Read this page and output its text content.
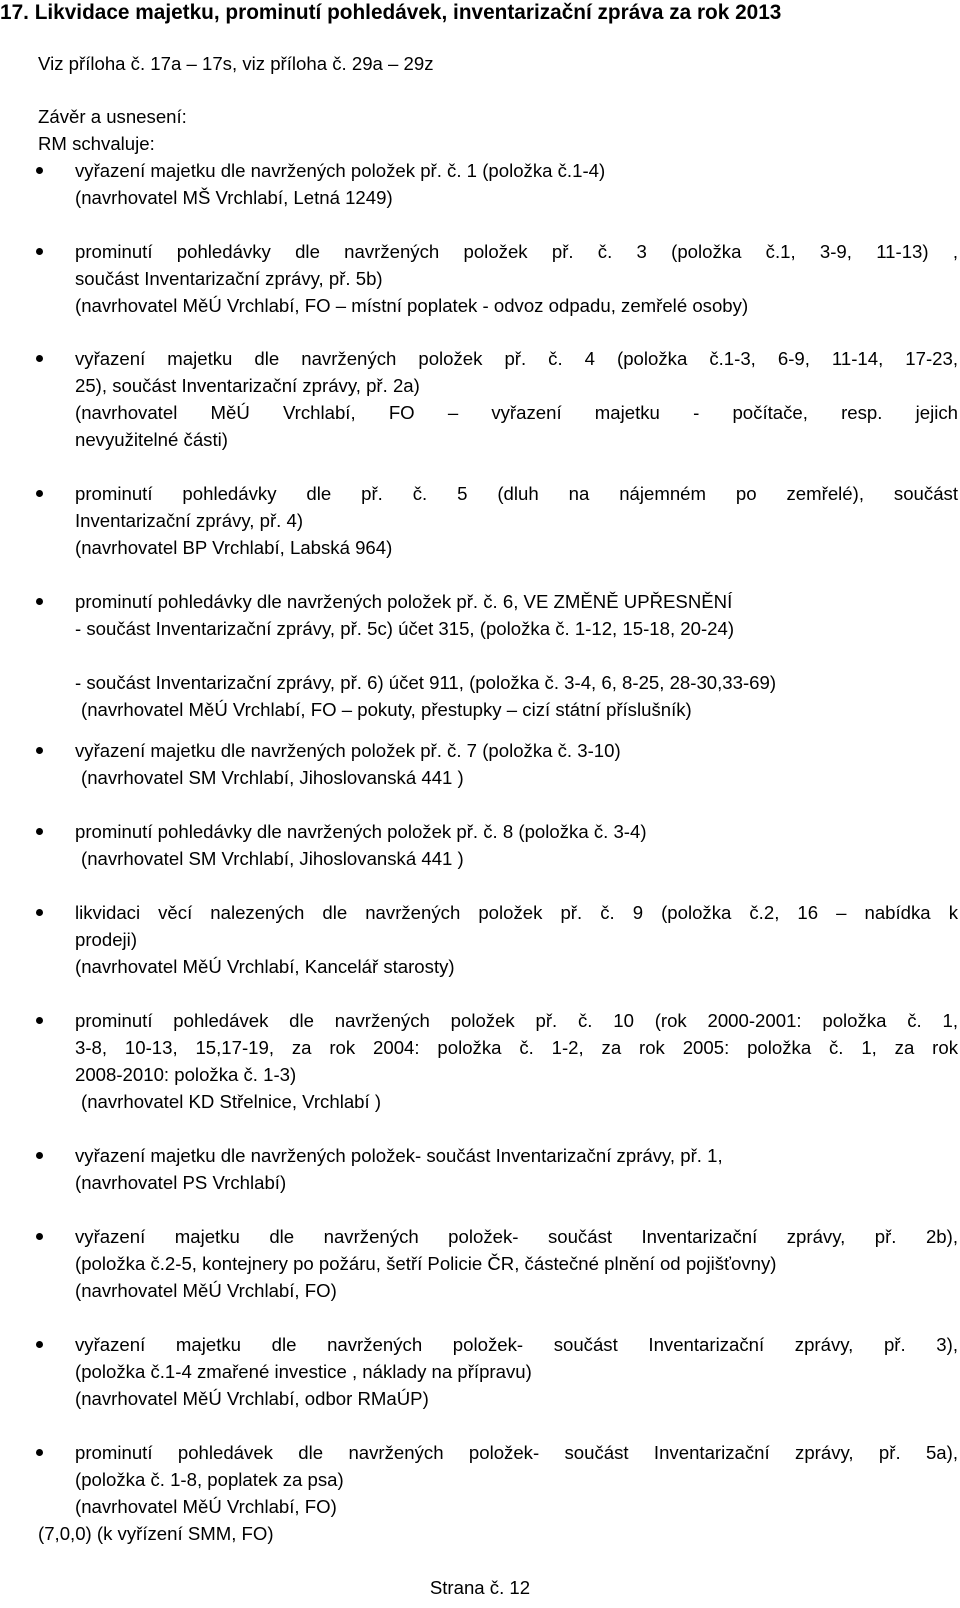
17. Likvidace majetku, prominutí pohledávek, inventarizační zpráva za rok 2013
Viz příloha č. 17a – 17s, viz příloha č. 29a – 29z
Závěr a usnesení:
RM schvaluje:
vyřazení majetku dle navržených položek př. č. 1 (položka č.1-4)
(navrhovatel MŠ Vrchlabí, Letná 1249)
prominutí pohledávky dle navržených položek př. č. 3 (položka č.1, 3-9, 11-13) ,
součást Inventarizační zprávy, př. 5b)
(navrhovatel MěÚ Vrchlabí, FO – místní poplatek - odvoz odpadu, zemřelé osoby)
vyřazení majetku dle navržených položek př. č. 4 (položka č.1-3, 6-9, 11-14, 17-23,
25), součást Inventarizační zprávy, př. 2a)
(navrhovatel MěÚ Vrchlabí, FO – vyřazení majetku - počítače, resp. jejich
nevyužitelné části)
prominutí pohledávky dle př. č. 5 (dluh na nájemném po zemřelé), součást
Inventarizační zprávy, př. 4)
(navrhovatel BP Vrchlabí, Labská 964)
prominutí pohledávky dle navržených položek př. č. 6, VE ZMĚNĚ UPŘESNĚNÍ
- součást Inventarizační zprávy, př. 5c) účet 315, (položka č. 1-12, 15-18, 20-24)

- součást Inventarizační zprávy, př. 6) účet 911, (položka č. 3-4, 6, 8-25, 28-30,33-69)
(navrhovatel MěÚ Vrchlabí, FO – pokuty, přestupky – cizí státní příslušník)
vyřazení majetku dle navržených položek př. č. 7 (položka č. 3-10)
(navrhovatel SM Vrchlabí, Jihoslovanská 441 )
prominutí pohledávky dle navržených položek př. č. 8 (položka č. 3-4)
(navrhovatel SM Vrchlabí, Jihoslovanská 441 )
likvidaci věcí nalezených dle navržených položek př. č. 9 (položka č.2, 16 – nabídka k
prodeji)
(navrhovatel MěÚ Vrchlabí, Kancelář starosty)
prominutí pohledávek dle navržených položek př. č. 10 (rok 2000-2001: položka č. 1,
3-8, 10-13, 15,17-19, za rok 2004: položka č. 1-2, za rok 2005: položka č. 1, za rok
2008-2010: položka č. 1-3)
(navrhovatel KD Střelnice, Vrchlabí )
vyřazení majetku dle navržených položek- součást Inventarizační zprávy, př. 1,
(navrhovatel PS Vrchlabí)
vyřazení majetku dle navržených položek- součást Inventarizační zprávy, př. 2b),
(položka č.2-5, kontejnery po požáru, šetří Policie ČR, částečné plnění od pojišťovny)
(navrhovatel MěÚ Vrchlabí, FO)
vyřazení majetku dle navržených položek- součást Inventarizační zprávy, př. 3),
(položka č.1-4 zmařené investice , náklady na přípravu)
(navrhovatel MěÚ Vrchlabí, odbor RMaÚP)
prominutí pohledávek dle navržených položek- součást Inventarizační zprávy, př. 5a),
(položka č. 1-8, poplatek za psa)
(navrhovatel MěÚ Vrchlabí, FO)
(7,0,0) (k vyřízení SMM, FO)
Strana č. 12
